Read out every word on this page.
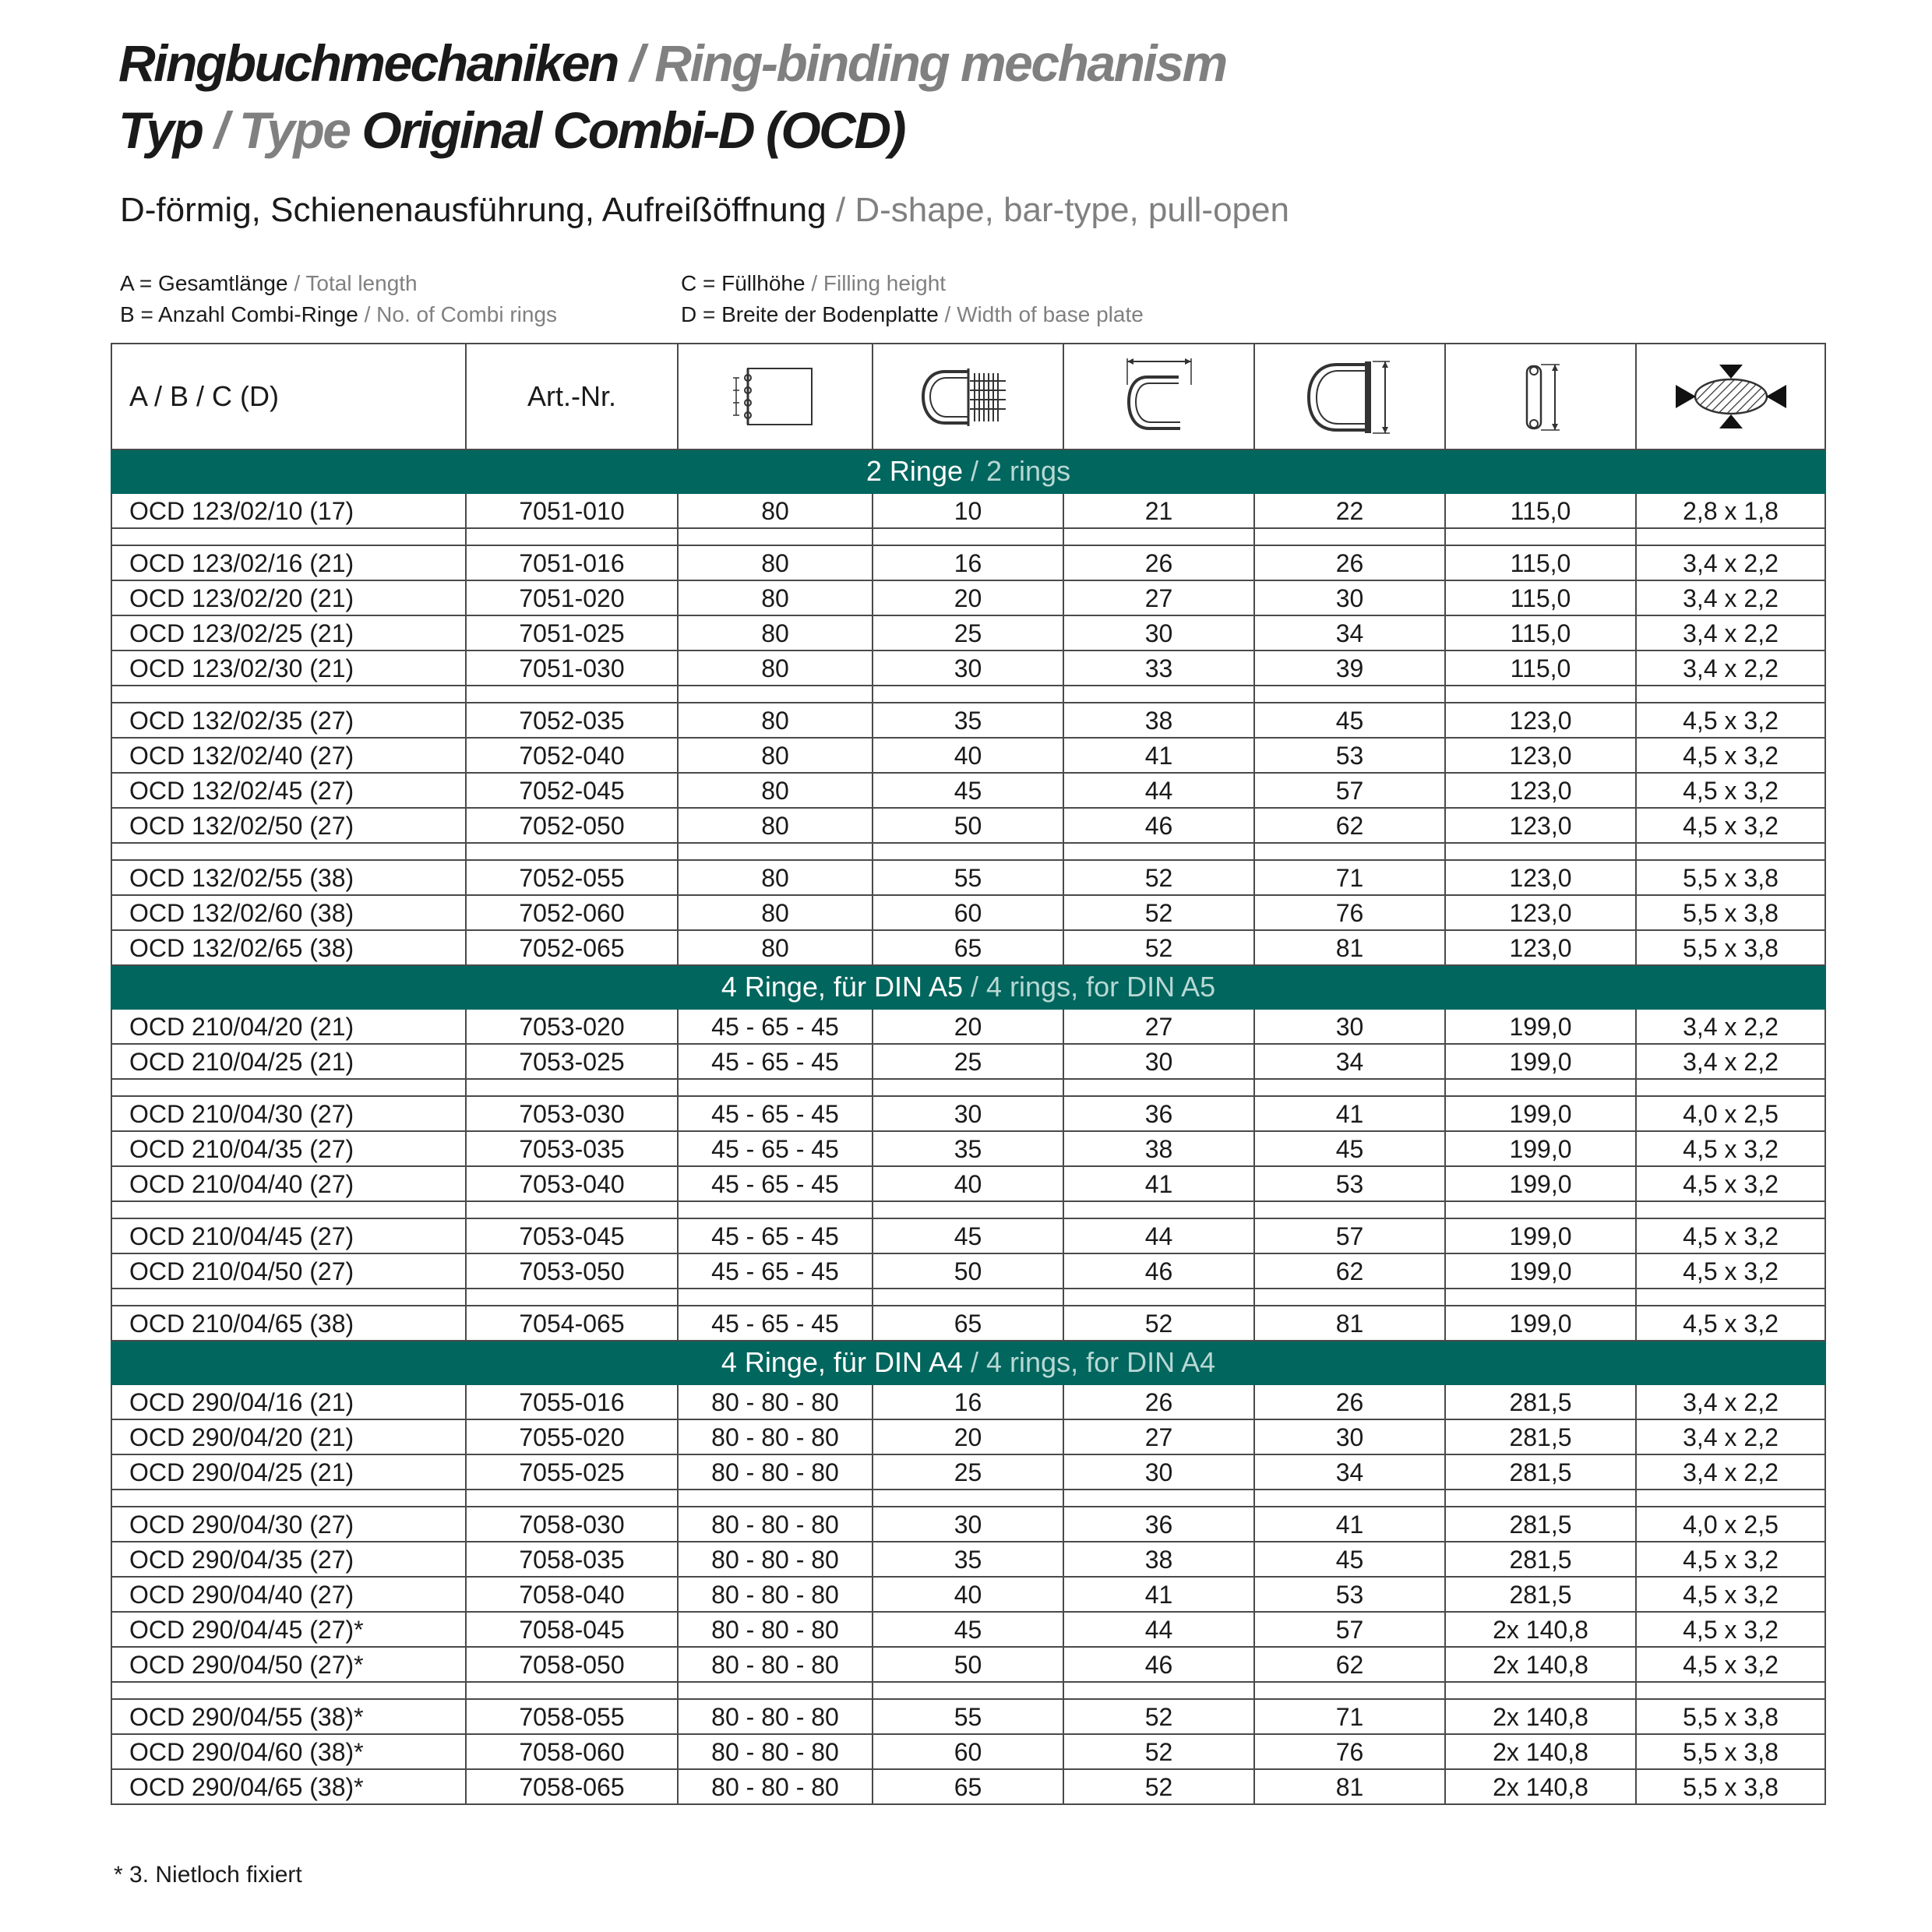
Ringbuchmechaniken / Ring-binding mechanism
Typ / Type Original Combi-D (OCD)
D-förmig, Schienenausführung, Aufreißöffnung / D-shape, bar-type, pull-open
A = Gesamtlänge / Total length
B = Anzahl Combi-Ringe / No. of Combi rings
C = Füllhöhe / Filling height
D = Breite der Bodenplatte / Width of base plate
A / B / C (D)	Art.-Nr.	

2 Ringe / 2 rings							
OCD 123/02/10 (17)	7051-010	80	10	21	22	115,0	2,8 x 1,8

OCD 123/02/16 (21)	7051-016	80	16	26	26	115,0	3,4 x 2,2
OCD 123/02/20 (21)	7051-020	80	20	27	30	115,0	3,4 x 2,2
OCD 123/02/25 (21)	7051-025	80	25	30	34	115,0	3,4 x 2,2
OCD 123/02/30 (21)	7051-030	80	30	33	39	115,0	3,4 x 2,2

OCD 132/02/35 (27)	7052-035	80	35	38	45	123,0	4,5 x 3,2
OCD 132/02/40 (27)	7052-040	80	40	41	53	123,0	4,5 x 3,2
OCD 132/02/45 (27)	7052-045	80	45	44	57	123,0	4,5 x 3,2
OCD 132/02/50 (27)	7052-050	80	50	46	62	123,0	4,5 x 3,2

OCD 132/02/55 (38)	7052-055	80	55	52	71	123,0	5,5 x 3,8
OCD 132/02/60 (38)	7052-060	80	60	52	76	123,0	5,5 x 3,8
OCD 132/02/65 (38)	7052-065	80	65	52	81	123,0	5,5 x 3,8
4 Ringe, für DIN A5 / 4 rings, for DIN A5							
OCD 210/04/20 (21)	7053-020	45 - 65 - 45	20	27	30	199,0	3,4 x 2,2
OCD 210/04/25 (21)	7053-025	45 - 65 - 45	25	30	34	199,0	3,4 x 2,2

OCD 210/04/30 (27)	7053-030	45 - 65 - 45	30	36	41	199,0	4,0 x 2,5
OCD 210/04/35 (27)	7053-035	45 - 65 - 45	35	38	45	199,0	4,5 x 3,2
OCD 210/04/40 (27)	7053-040	45 - 65 - 45	40	41	53	199,0	4,5 x 3,2

OCD 210/04/45 (27)	7053-045	45 - 65 - 45	45	44	57	199,0	4,5 x 3,2
OCD 210/04/50 (27)	7053-050	45 - 65 - 45	50	46	62	199,0	4,5 x 3,2

OCD 210/04/65 (38)	7054-065	45 - 65 - 45	65	52	81	199,0	4,5 x 3,2
4 Ringe, für DIN A4 / 4 rings, for DIN A4							
OCD 290/04/16 (21)	7055-016	80 - 80 - 80	16	26	26	281,5	3,4 x 2,2
OCD 290/04/20 (21)	7055-020	80 - 80 - 80	20	27	30	281,5	3,4 x 2,2
OCD 290/04/25 (21)	7055-025	80 - 80 - 80	25	30	34	281,5	3,4 x 2,2

OCD 290/04/30 (27)	7058-030	80 - 80 - 80	30	36	41	281,5	4,0 x 2,5
OCD 290/04/35 (27)	7058-035	80 - 80 - 80	35	38	45	281,5	4,5 x 3,2
OCD 290/04/40 (27)	7058-040	80 - 80 - 80	40	41	53	281,5	4,5 x 3,2
OCD 290/04/45 (27)*	7058-045	80 - 80 - 80	45	44	57	2x 140,8	4,5 x 3,2
OCD 290/04/50 (27)*	7058-050	80 - 80 - 80	50	46	62	2x 140,8	4,5 x 3,2

OCD 290/04/55 (38)*	7058-055	80 - 80 - 80	55	52	71	2x 140,8	5,5 x 3,8
OCD 290/04/60 (38)*	7058-060	80 - 80 - 80	60	52	76	2x 140,8	5,5 x 3,8
OCD 290/04/65 (38)*	7058-065	80 - 80 - 80	65	52	81	2x 140,8	5,5 x 3,8
* 3. Nietloch fixiert
